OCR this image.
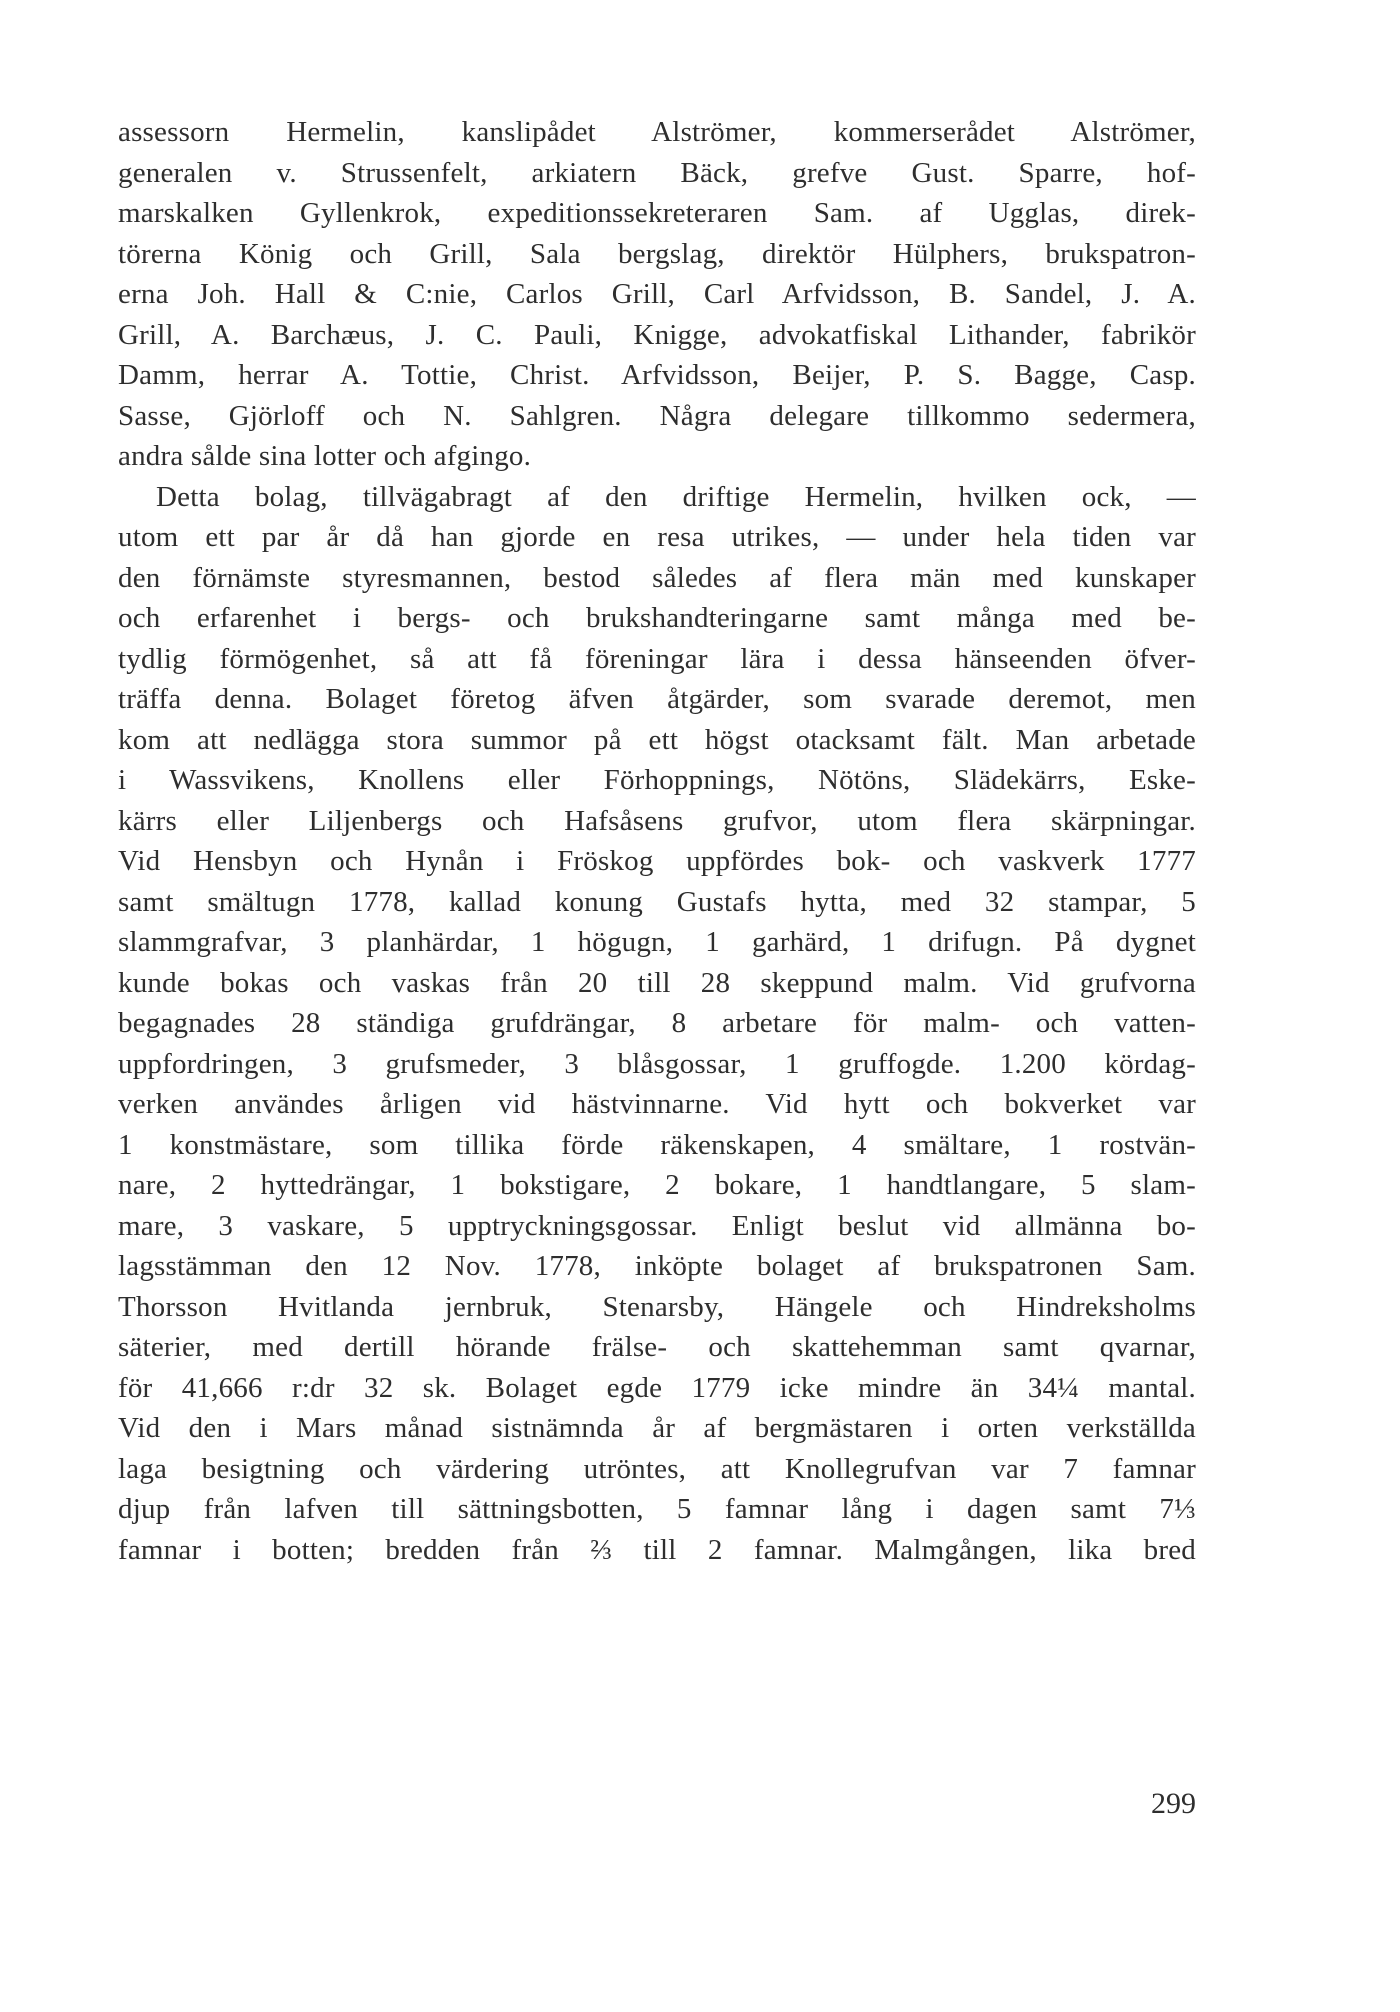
assessorn Hermelin, kansliрådet Alströmer, kommerserådet Alströmer,
generalen v. Strussenfelt, arkiatern Bäck, grefve Gust. Sparre, hof-
marskalken Gyllenkrok, expeditionssekreteraren Sam. af Ugglas, direk-
törerna König och Grill, Sala bergslag, direktör Hülphers, brukspatron-
erna Joh. Hall & C:nie, Carlos Grill, Carl Arfvidsson, B. Sandel, J. A.
Grill, A. Barchæus, J. C. Pauli, Knigge, advokatfiskal Lithander, fabrikör
Damm, herrar A. Tottie, Christ. Arfvidsson, Beijer, P. S. Bagge, Casp.
Sasse, Gjörloff och N. Sahlgren. Några delegare tillkommo sedermera,
andra sålde sina lotter och afgingo.
Detta bolag, tillvägabragt af den driftige Hermelin, hvilken ock, —
utom ett par år då han gjorde en resa utrikes, — under hela tiden var
den förnämste styresmannen, bestod således af flera män med kunskaper
och erfarenhet i bergs- och brukshandteringarne samt många med be-
tydlig förmögenhet, så att få föreningar lära i dessa hänseenden öfver-
träffa denna. Bolaget företog äfven åtgärder, som svarade deremot, men
kom att nedlägga stora summor på ett högst otacksamt fält. Man arbetade
i Wassvikens, Knollens eller Förhoppnings, Nötöns, Slädekärrs, Eske-
kärrs eller Liljenbergs och Hafsåsens grufvor, utom flera skärpningar.
Vid Hensbyn och Hynån i Fröskog uppfördes bok- och vaskverk 1777
samt smältugn 1778, kallad konung Gustafs hytta, med 32 stampar, 5
slammgrafvar, 3 planhärdar, 1 högugn, 1 garhärd, 1 drifugn. På dygnet
kunde bokas och vaskas från 20 till 28 skeppund malm. Vid grufvorna
begagnades 28 ständiga grufdrängar, 8 arbetare för malm- och vatten-
uppfordringen, 3 grufsmeder, 3 blåsgossar, 1 gruffogde. 1.200 kördag-
verken användes årligen vid hästvinnarne. Vid hytt och bokverket var
1 konstmästare, som tillika förde räkenskapen, 4 smältare, 1 rostvän-
nare, 2 hyttedrängar, 1 bokstigare, 2 bokare, 1 handtlangare, 5 slam-
mare, 3 vaskare, 5 upptryckningsgossar. Enligt beslut vid allmänna bo-
lagsstämman den 12 Nov. 1778, inköpte bolaget af brukspatronen Sam.
Thorsson Hvitlanda jernbruk, Stenarsby, Hängele och Hindreksholms
säterier, med dertill hörande frälse- och skattehemman samt qvarnar,
för 41,666 r:dr 32 sk. Bolaget egde 1779 icke mindre än 34¼ mantal.
Vid den i Mars månad sistnämnda år af bergmästaren i orten verkställda
laga besigtning och värdering utröntes, att Knollegrufvan var 7 famnar
djup från lafven till sättningsbotten, 5 famnar lång i dagen samt 7⅓
famnar i botten; bredden från ⅔ till 2 famnar. Malmgången, lika bred
299
